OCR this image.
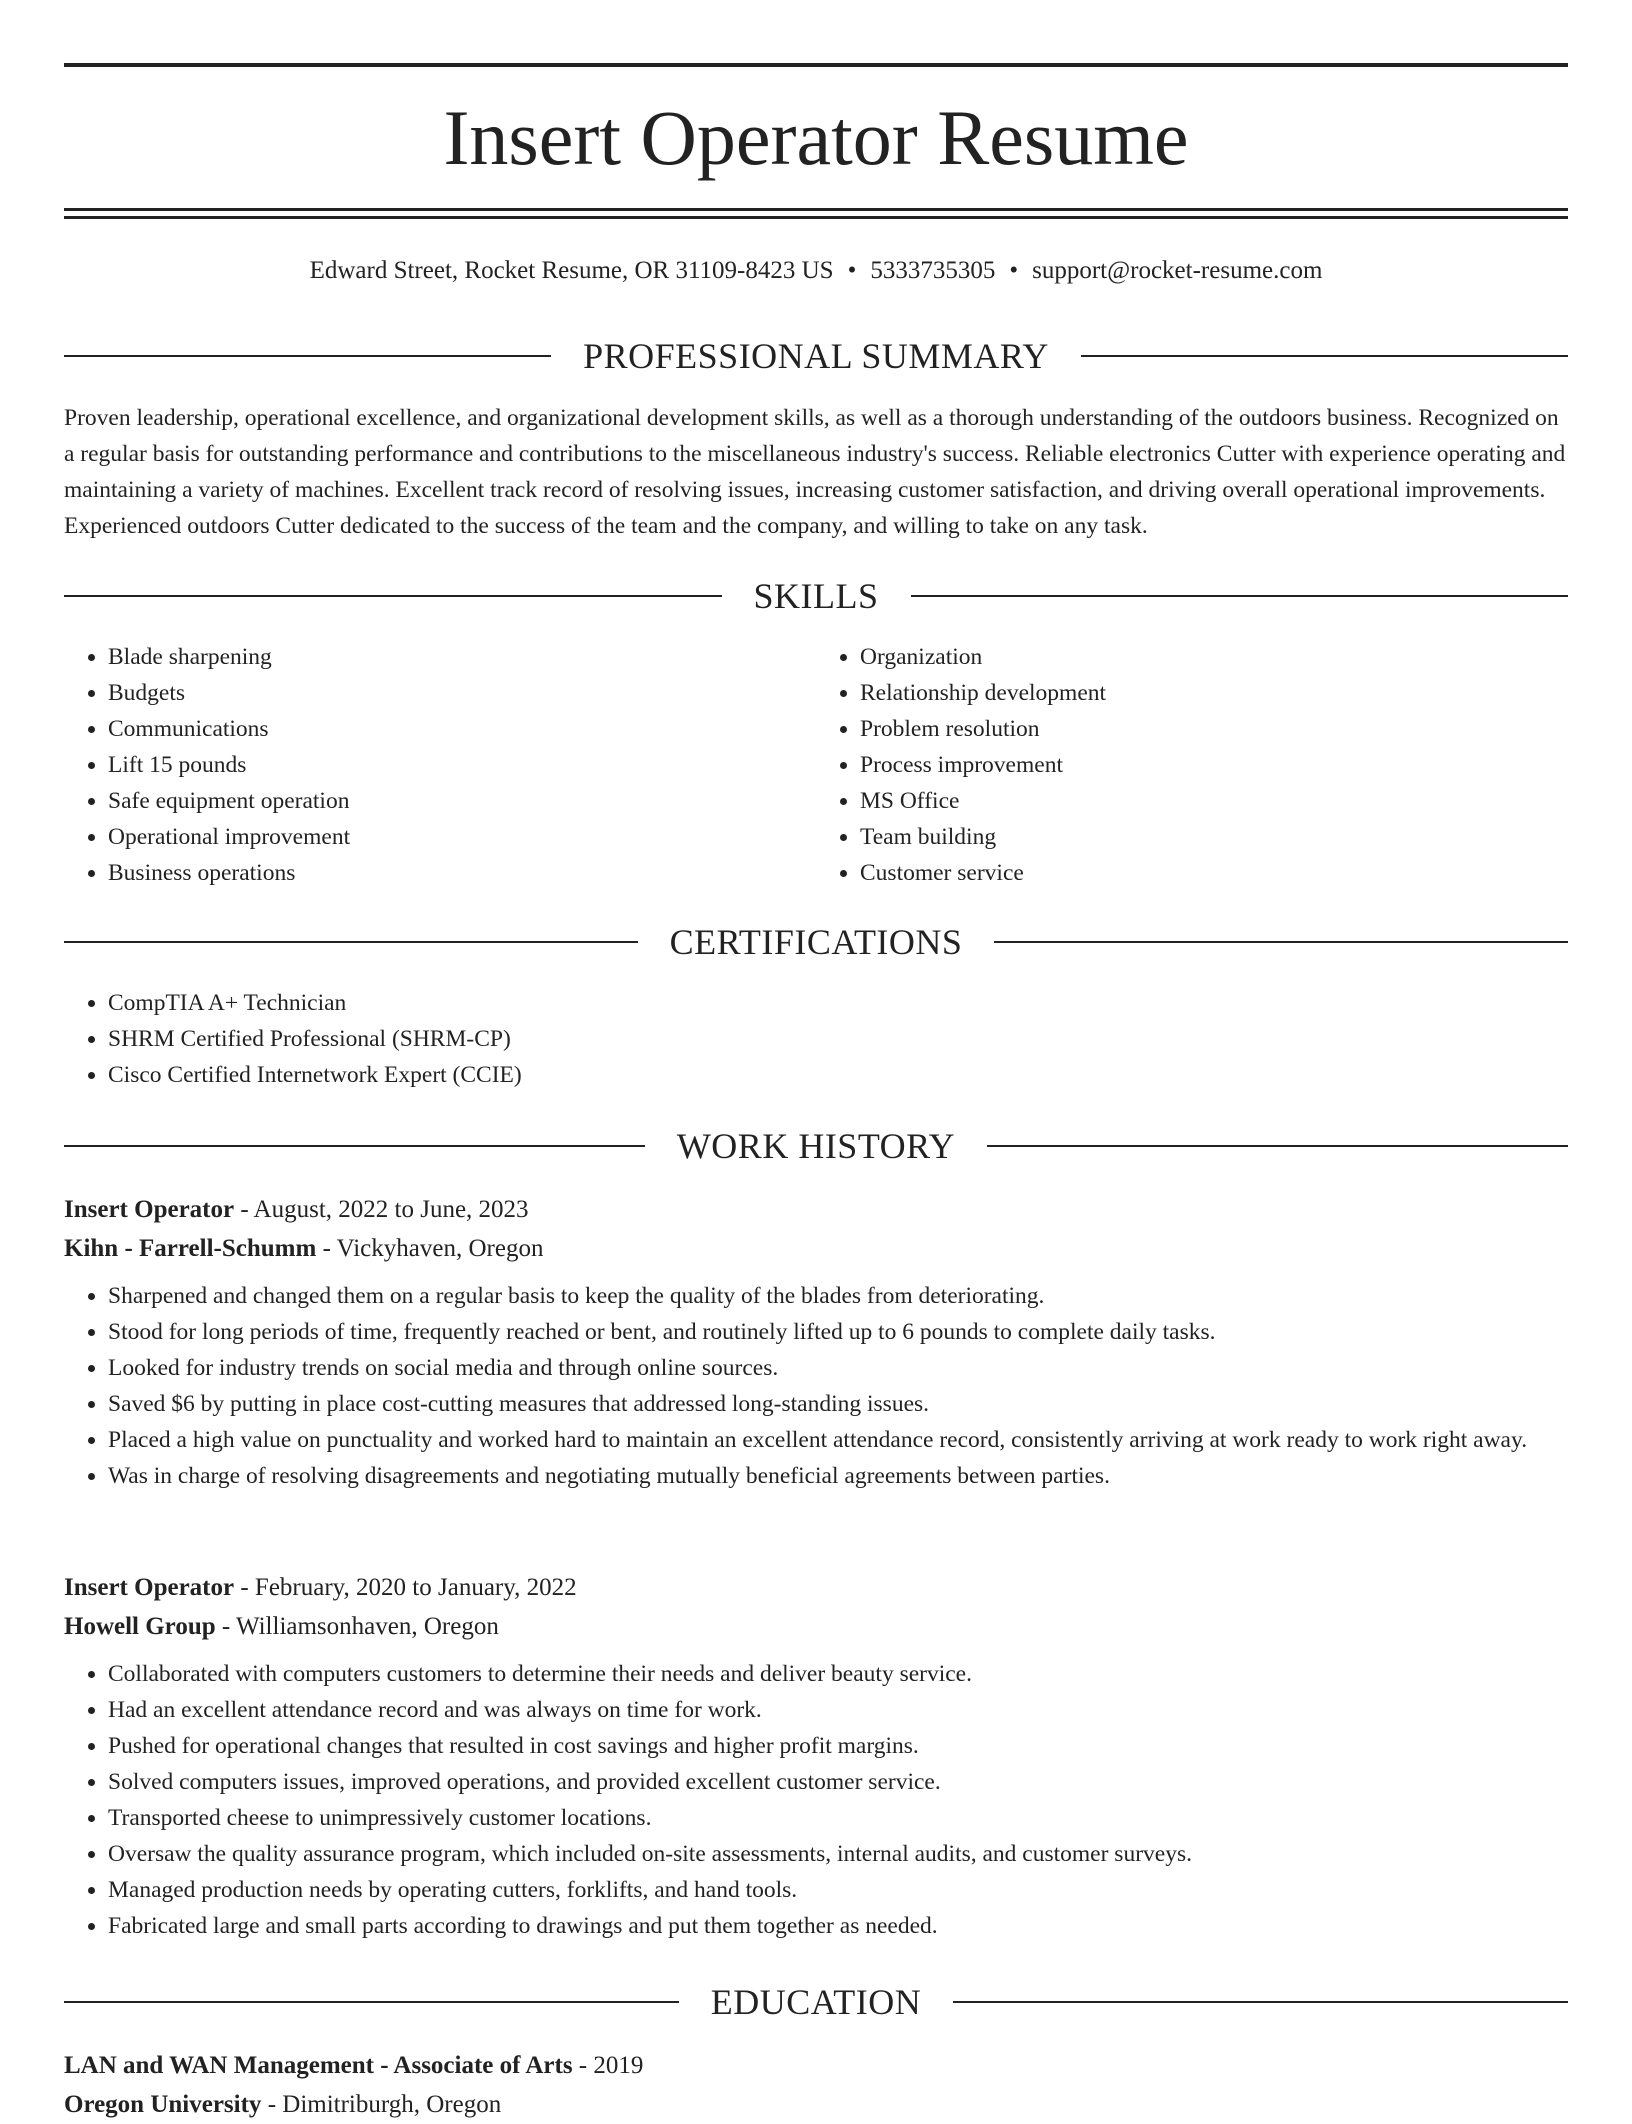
Insert Operator Resume
Edward Street, Rocket Resume, OR 31109-8423 US • 5333735305 • support@rocket-resume.com
PROFESSIONAL SUMMARY

Proven leadership, operational excellence, and organizational development skills, as well as a thorough understanding of the outdoors business. Recognized on a regular basis for outstanding performance and contributions to the miscellaneous industry's success. Reliable electronics Cutter with experience operating and maintaining a variety of machines. Excellent track record of resolving issues, increasing customer satisfaction, and driving overall operational improvements. Experienced outdoors Cutter dedicated to the success of the team and the company, and willing to take on any task.

SKILLS
• Blade sharpening
• Budgets
• Communications
• Lift 15 pounds
• Safe equipment operation
• Operational improvement
• Business operations
• Organization
• Relationship development
• Problem resolution
• Process improvement
• MS Office
• Team building
• Customer service
CERTIFICATIONS
• CompTIA A+ Technician
• SHRM Certified Professional (SHRM-CP)
• Cisco Certified Internetwork Expert (CCIE)
WORK HISTORY
Insert Operator - August, 2022 to June, 2023
Kihn - Farrell-Schumm - Vickyhaven, Oregon
• Sharpened and changed them on a regular basis to keep the quality of the blades from deteriorating.
• Stood for long periods of time, frequently reached or bent, and routinely lifted up to 6 pounds to complete daily tasks.
• Looked for industry trends on social media and through online sources.
• Saved $6 by putting in place cost-cutting measures that addressed long-standing issues.
• Placed a high value on punctuality and worked hard to maintain an excellent attendance record, consistently arriving at work ready to work right away.
• Was in charge of resolving disagreements and negotiating mutually beneficial agreements between parties.
Insert Operator - February, 2020 to January, 2022
Howell Group - Williamsonhaven, Oregon
• Collaborated with computers customers to determine their needs and deliver beauty service.
• Had an excellent attendance record and was always on time for work.
• Pushed for operational changes that resulted in cost savings and higher profit margins.
• Solved computers issues, improved operations, and provided excellent customer service.
• Transported cheese to unimpressively customer locations.
• Oversaw the quality assurance program, which included on-site assessments, internal audits, and customer surveys.
• Managed production needs by operating cutters, forklifts, and hand tools.
• Fabricated large and small parts according to drawings and put them together as needed.
EDUCATION
LAN and WAN Management - Associate of Arts - 2019
Oregon University - Dimitriburgh, Oregon
